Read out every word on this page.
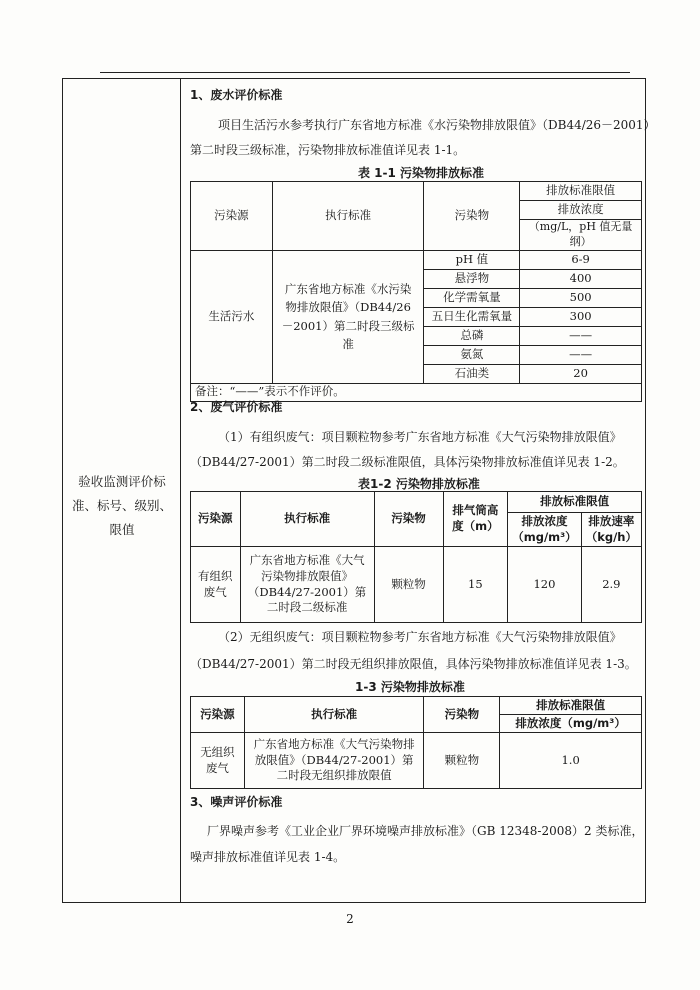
验收监测评价标准、标号、级别、限值
1、废水评价标准
项目生活污水参考执行广东省地方标准《水污染物排放限值》（DB44/26－2001）
第二时段三级标准，污染物排放标准值详见表 1-1。
表 1-1 污染物排放标准
污染源	执行标准	污染物	排放标准限值
			排放浓度
			（mg/L，pH 值无量纲）
生活污水	广东省地方标准《水污染物排放限值》（DB44/26－2001）第二时段三级标准	pH 值	6-9
		悬浮物	400
		化学需氧量	500
		五日生化需氧量	300
		总磷	——
		氨氮	——
		石油类	20
备注：“——”表示不作评价。			
2、废气评价标准
（1）有组织废气：项目颗粒物参考广东省地方标准《大气污染物排放限值》
（DB44/27-2001）第二时段二级标准限值，具体污染物排放标准值详见表 1-2。
表1-2 污染物排放标准
污染源	执行标准	污染物	排气筒高度（m）	排放标准限值	
				排放浓度（mg/m³）	排放速率（kg/h）
有组织废气	广东省地方标准《大气污染物排放限值》（DB44/27-2001）第二时段二级标准	颗粒物	15	120	2.9
（2）无组织废气：项目颗粒物参考广东省地方标准《大气污染物排放限值》
（DB44/27-2001）第二时段无组织排放限值，具体污染物排放标准值详见表 1-3。
1-3 污染物排放标准
污染源	执行标准	污染物	排放标准限值
			排放浓度（mg/m³）
无组织废气	广东省地方标准《大气污染物排放限值》（DB44/27-2001）第二时段无组织排放限值	颗粒物	1.0
3、噪声评价标准
厂界噪声参考《工业企业厂界环境噪声排放标准》（GB 12348-2008）2 类标准，
噪声排放标准值详见表 1-4。
2
